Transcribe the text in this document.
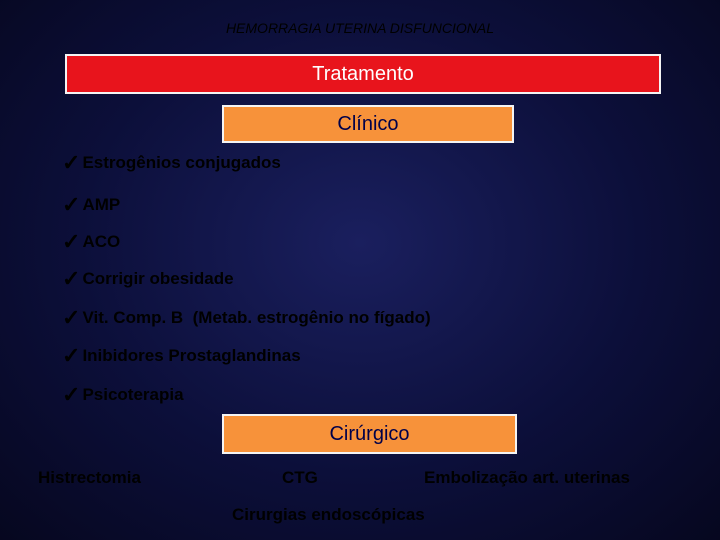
HEMORRAGIA UTERINA DISFUNCIONAL
Tratamento
Clínico
✓ Estrogênios conjugados
✓ AMP
✓ ACO
✓ Corrigir obesidade
✓ Vit. Comp. B  (Metab. estrogênio no fígado)
✓ Inibidores Prostaglandinas
✓ Psicoterapia
Cirúrgico
Histrectomia	CTG	Embolização art. uterinas
Cirurgias endoscópicas
